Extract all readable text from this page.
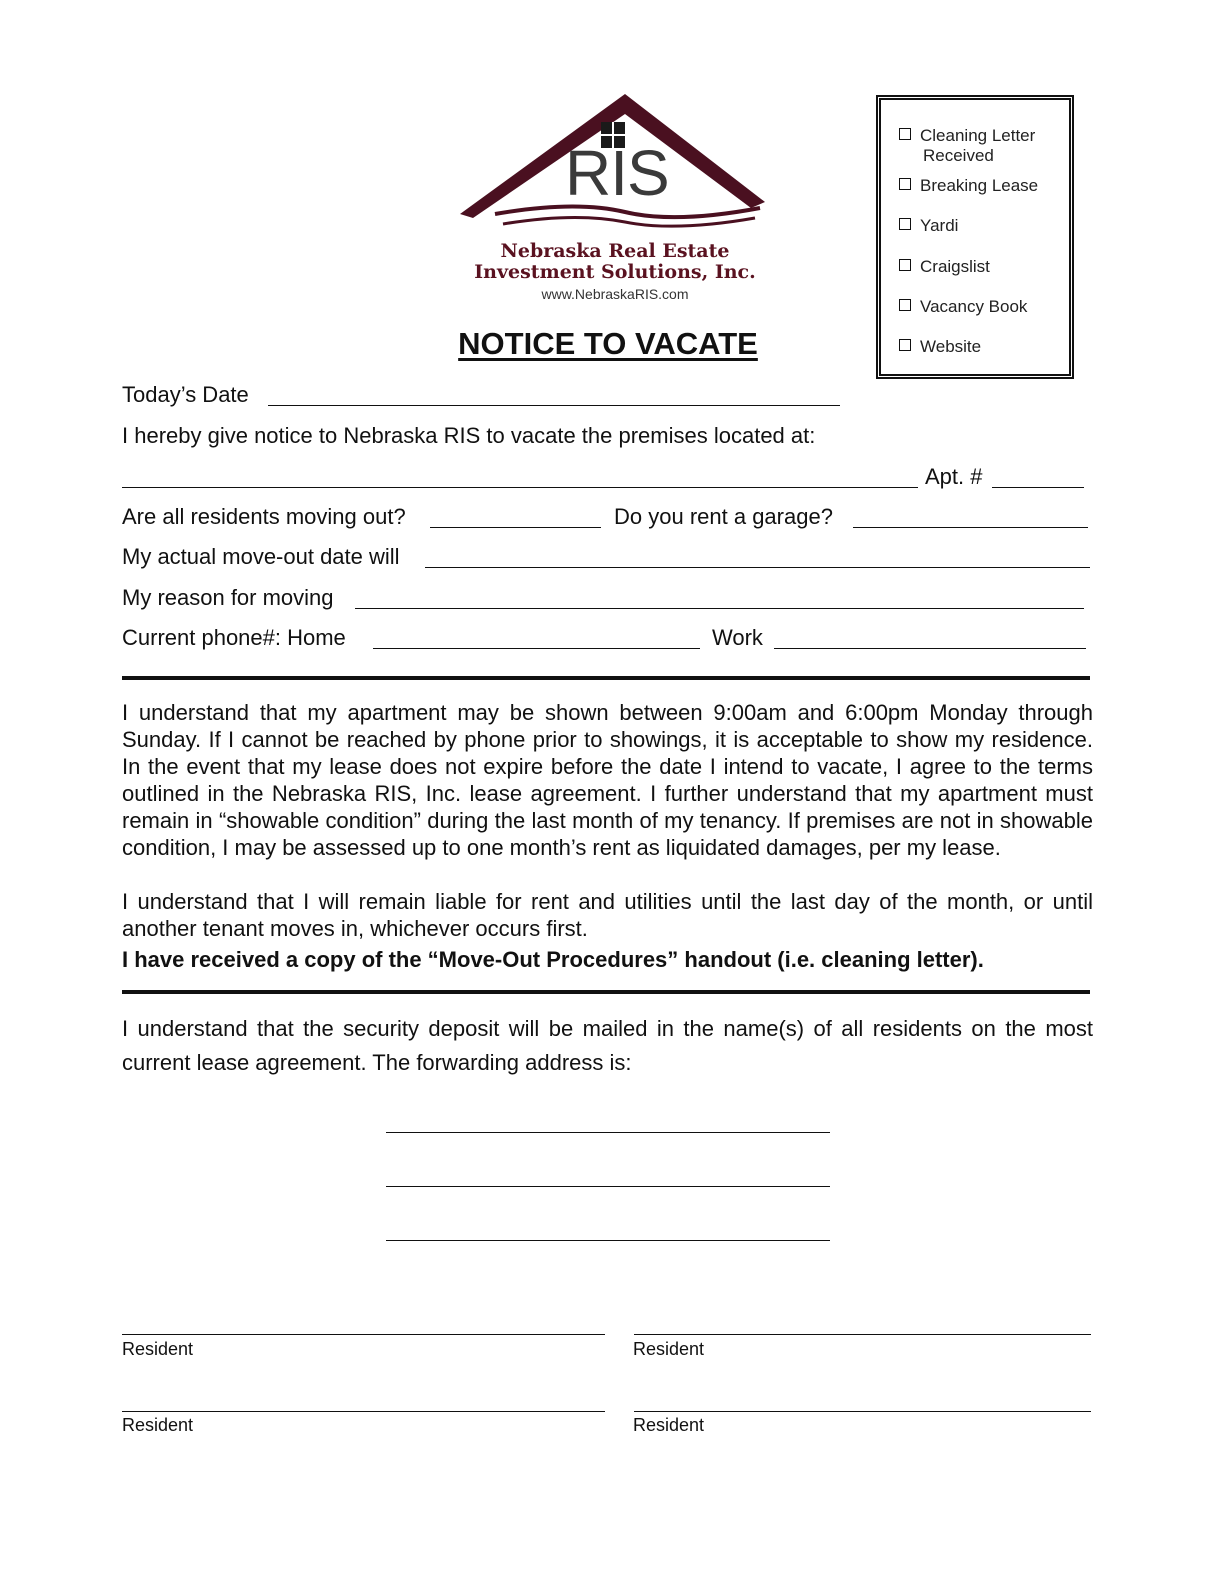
RIS
Nebraska Real Estate
Investment Solutions, Inc.
www.NebraskaRIS.com
NOTICE TO VACATE
Cleaning Letter
Received
Breaking Lease
Yardi
Craigslist
Vacancy Book
Website
Today’s Date
I hereby give notice to Nebraska RIS to vacate the premises located at:
Apt. #
Are all residents moving out?	Do you rent a garage?
My actual move-out date will
My reason for moving
Current phone#: Home	Work
I understand that my apartment may be shown between 9:00am and 6:00pm Monday through Sunday. If I cannot be reached by phone prior to showings, it is acceptable to show my residence. In the event that my lease does not expire before the date I intend to vacate, I agree to the terms outlined in the Nebraska RIS, Inc. lease agreement. I further understand that my apartment must remain in “showable condition” during the last month of my tenancy. If premises are not in showable condition, I may be assessed up to one month’s rent as liquidated damages, per my lease.
I understand that I will remain liable for rent and utilities until the last day of the month, or until another tenant moves in, whichever occurs first.
I have received a copy of the “Move-Out Procedures” handout (i.e. cleaning letter).
I understand that the security deposit will be mailed in the name(s) of all residents on the most current lease agreement. The forwarding address is:
Resident	Resident
Resident	Resident
